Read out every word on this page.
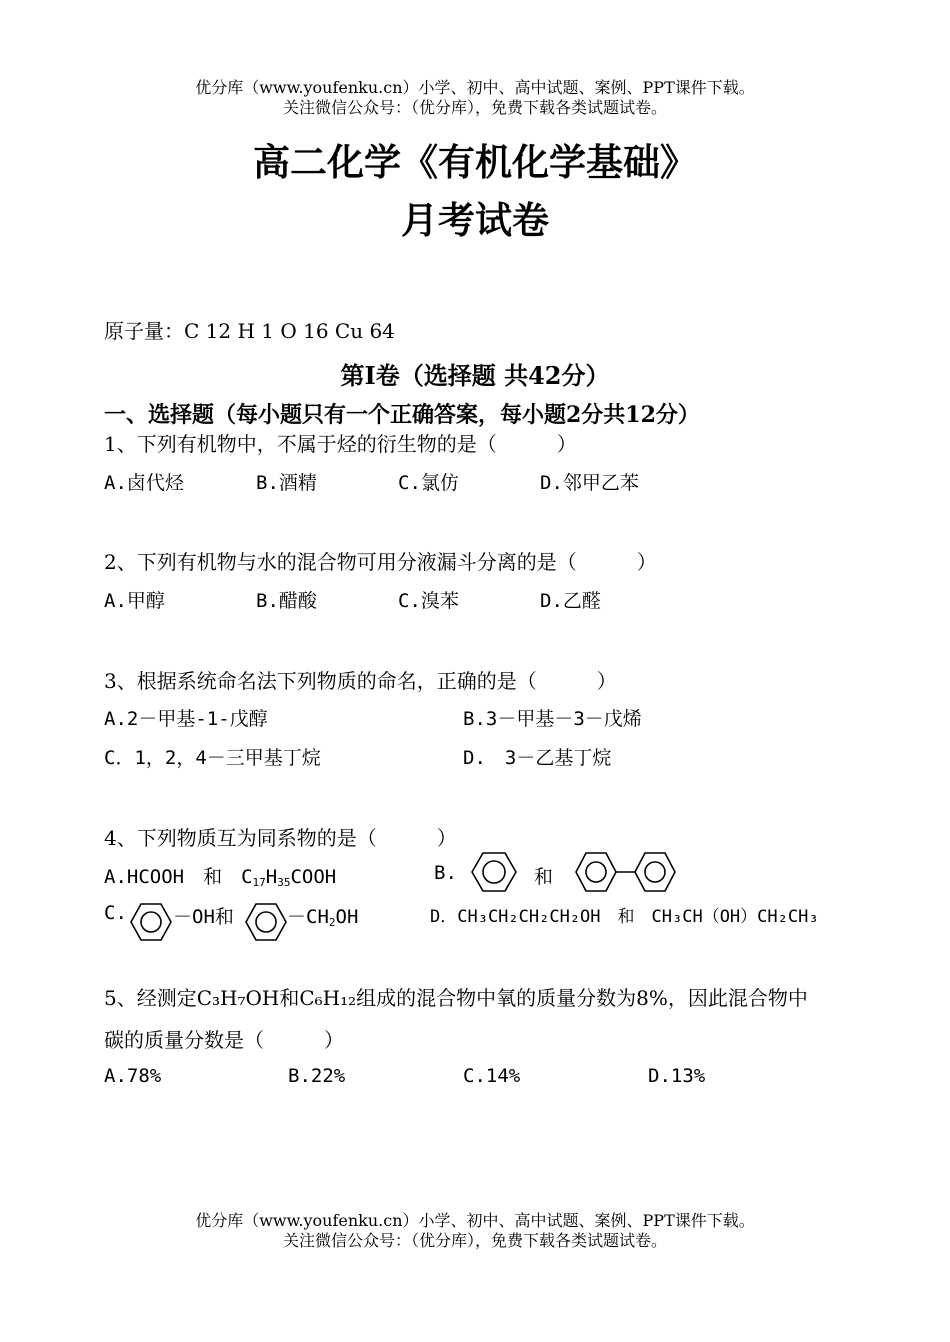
优分库（www.youfenku.cn）小学、初中、高中试题、案例、PPT课件下载。
关注微信公众号：（优分库），免费下载各类试题试卷。
高二化学《有机化学基础》
月考试卷
原子量：C 12 H 1 O 16 Cu 64
第Ⅰ卷（选择题 共42分）
一、选择题（每小题只有一个正确答案，每小题2分共12分）
1、下列有机物中，不属于烃的衍生物的是（　　　）
A.卤代烃	B.酒精	C.氯仿	D.邻甲乙苯
2、下列有机物与水的混合物可用分液漏斗分离的是（　　　）
A.甲醇	B.醋酸	C.溴苯	D.乙醛
3、根据系统命名法下列物质的命名，正确的是（　　　）
A.2－甲基-1-戊醇	B.3－甲基－3－戊烯
C．1，2，4－三甲基丁烷	D.　3－乙基丁烷
4、下列物质互为同系物的是（　　　）
A.HCOOH　和　$C_{17}H_{35}COOH$	B.	和
C. －OH和	$-CH_2OH$	D．CH₃CH₂CH₂CH₂OH　和　CH₃CH（OH）CH₂CH₃
5、经测定C₃H₇OH和C₆H₁₂组成的混合物中氧的质量分数为8%，因此混合物中
碳的质量分数是（　　　）
A.78%	B.22%	C.14%	D.13%
优分库（www.youfenku.cn）小学、初中、高中试题、案例、PPT课件下载。
关注微信公众号：（优分库），免费下载各类试题试卷。
